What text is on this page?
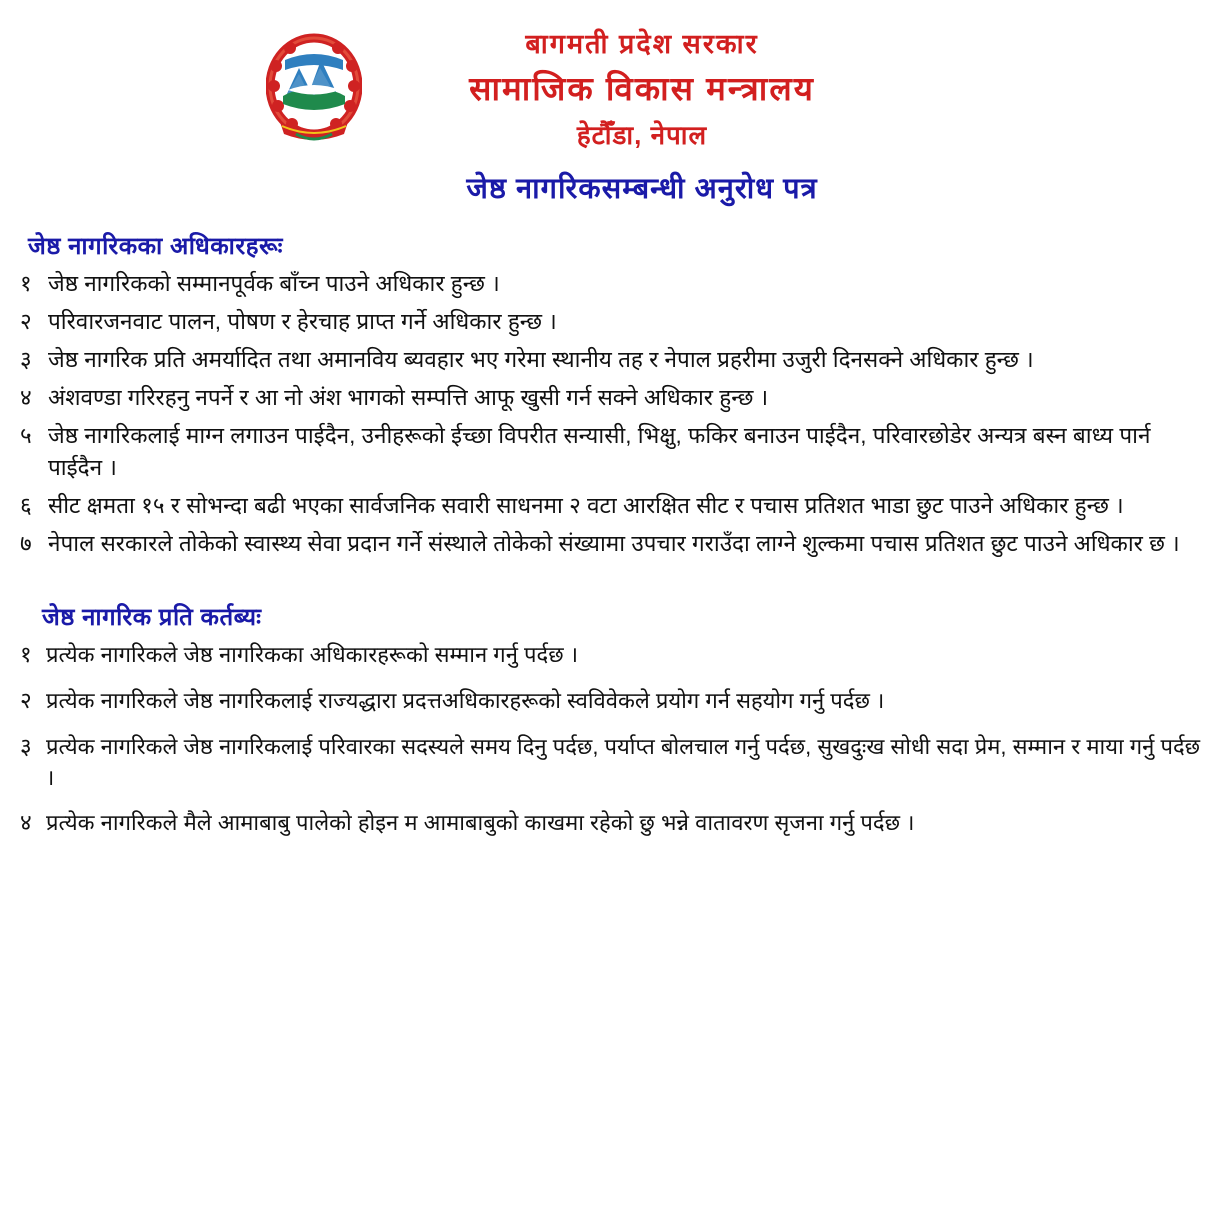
बागमती प्रदेश सरकार
सामाजिक विकास मन्त्रालय
हेटौँडा, नेपाल
जेष्ठ नागरिकसम्बन्धी अनुरोध पत्र
जेष्ठ नागरिकका अधिकारहरूः
१ जेष्ठ नागरिकको सम्मानपूर्वक बाँच्न पाउने अधिकार हुन्छ ।
२ परिवारजनवाट पालन, पोषण र हेरचाह प्राप्त गर्ने अधिकार हुन्छ ।
३ जेष्ठ नागरिक प्रति अमर्यादित तथा अमानविय ब्यवहार भए गरेमा स्थानीय तह र नेपाल प्रहरीमा उजुरी दिनसक्ने अधिकार हुन्छ ।
४ अंशवण्डा गरिरहनु नपर्ने र आ नो अंश भागको सम्पत्ति आफू खुसी गर्न सक्ने अधिकार हुन्छ ।
५ जेष्ठ नागरिकलाई माग्न लगाउन पाईदैन, उनीहरूको ईच्छा विपरीत सन्यासी, भिक्षु, फकिर बनाउन पाईदैन, परिवारछोडेर अन्यत्र बस्न बाध्य पार्न पाईदैन ।
६ सीट क्षमता १५ र सोभन्दा बढी भएका सार्वजनिक सवारी साधनमा २ वटा आरक्षित सीट र पचास प्रतिशत भाडा छुट पाउने अधिकार हुन्छ ।
७ नेपाल सरकारले तोकेको स्वास्थ्य सेवा प्रदान गर्ने संस्थाले तोकेको संख्यामा उपचार गराउँदा लाग्ने शुल्कमा पचास प्रतिशत छुट पाउने अधिकार छ ।
जेष्ठ नागरिक प्रति कर्तब्यः
१ प्रत्येक नागरिकले जेष्ठ नागरिकका अधिकारहरूको सम्मान गर्नु पर्दछ ।
२ प्रत्येक नागरिकले जेष्ठ नागरिकलाई राज्यद्धारा प्रदत्तअधिकारहरूको स्वविवेकले प्रयोग गर्न सहयोग गर्नु पर्दछ ।
३ प्रत्येक नागरिकले जेष्ठ नागरिकलाई परिवारका सदस्यले समय दिनु पर्दछ, पर्याप्त बोलचाल गर्नु पर्दछ, सुखदुःख सोधी सदा प्रेम, सम्मान र माया गर्नु पर्दछ ।
४ प्रत्येक नागरिकले मैले आमाबाबु पालेको होइन म आमाबाबुको काखमा रहेको छु भन्ने वातावरण सृजना गर्नु पर्दछ ।
